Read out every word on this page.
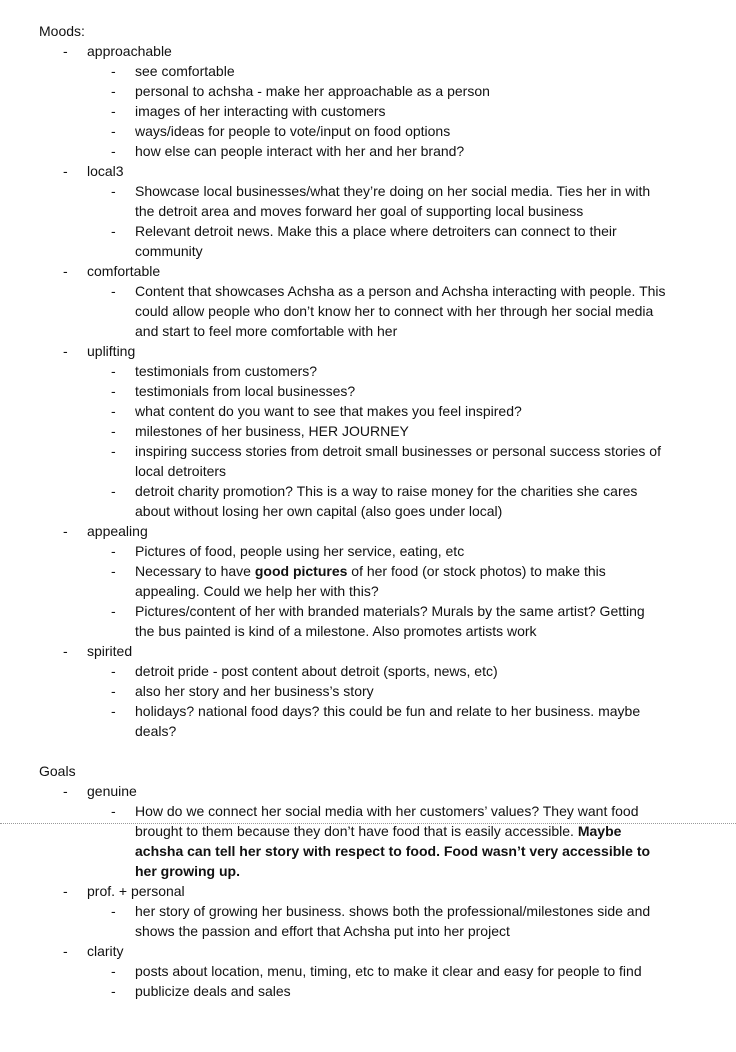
Moods:
- approachable
- see comfortable
- personal to achsha - make her approachable as a person
- images of her interacting with customers
- ways/ideas for people to vote/input on food options
- how else can people interact with her and her brand?
- local3
- Showcase local businesses/what they’re doing on her social media. Ties her in with the detroit area and moves forward her goal of supporting local business
- Relevant detroit news. Make this a place where detroiters can connect to their community
- comfortable
- Content that showcases Achsha as a person and Achsha interacting with people. This could allow people who don’t know her to connect with her through her social media and start to feel more comfortable with her
- uplifting
- testimonials from customers?
- testimonials from local businesses?
- what content do you want to see that makes you feel inspired?
- milestones of her business, HER JOURNEY
- inspiring success stories from detroit small businesses or personal success stories of local detroiters
- detroit charity promotion? This is a way to raise money for the charities she cares about without losing her own capital (also goes under local)
- appealing
- Pictures of food, people using her service, eating, etc
- Necessary to have good pictures of her food (or stock photos) to make this appealing. Could we help her with this?
- Pictures/content of her with branded materials? Murals by the same artist? Getting the bus painted is kind of a milestone. Also promotes artists work
- spirited
- detroit pride - post content about detroit (sports, news, etc)
- also her story and her business’s story
- holidays? national food days? this could be fun and relate to her business. maybe deals?
Goals
- genuine
- How do we connect her social media with her customers’ values? They want food brought to them because they don’t have food that is easily accessible. Maybe achsha can tell her story with respect to food. Food wasn’t very accessible to her growing up.
- prof. + personal
- her story of growing her business. shows both the professional/milestones side and shows the passion and effort that Achsha put into her project
- clarity
- posts about location, menu, timing, etc to make it clear and easy for people to find
- publicize deals and sales
